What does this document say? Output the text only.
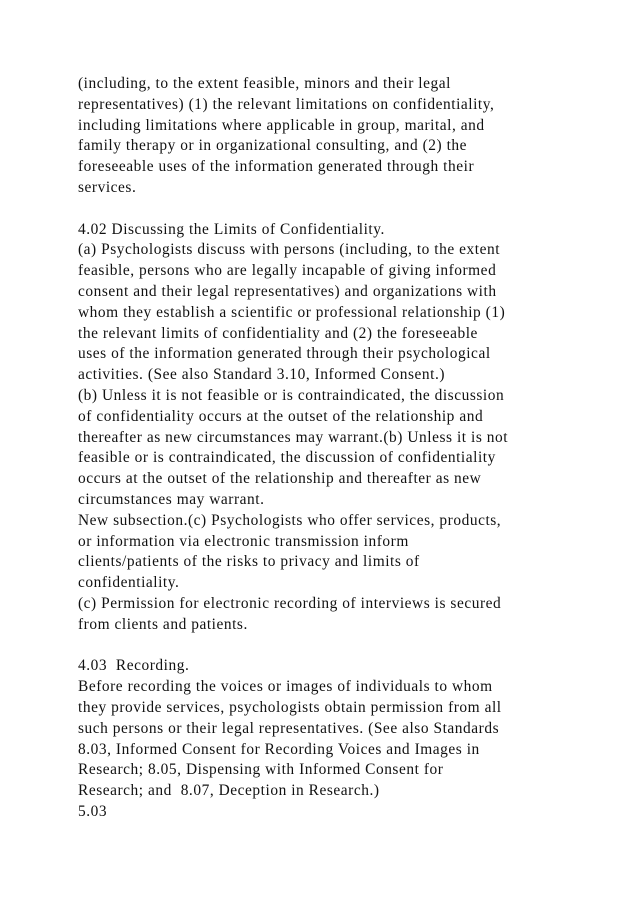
(including, to the extent feasible, minors and their legal
representatives) (1) the relevant limitations on confidentiality,
including limitations where applicable in group, marital, and
family therapy or in organizational consulting, and (2) the
foreseeable uses of the information generated through their
services.
4.02 Discussing the Limits of Confidentiality.
(a) Psychologists discuss with persons (including, to the extent
feasible, persons who are legally incapable of giving informed
consent and their legal representatives) and organizations with
whom they establish a scientific or professional relationship (1)
the relevant limits of confidentiality and (2) the foreseeable
uses of the information generated through their psychological
activities. (See also Standard 3.10, Informed Consent.)
(b) Unless it is not feasible or is contraindicated, the discussion
of confidentiality occurs at the outset of the relationship and
thereafter as new circumstances may warrant.(b) Unless it is not
feasible or is contraindicated, the discussion of confidentiality
occurs at the outset of the relationship and thereafter as new
circumstances may warrant.
New subsection.(c) Psychologists who offer services, products,
or information via electronic transmission inform
clients/patients of the risks to privacy and limits of
confidentiality.
(c) Permission for electronic recording of interviews is secured
from clients and patients.
4.03  Recording.
Before recording the voices or images of individuals to whom
they provide services, psychologists obtain permission from all
such persons or their legal representatives. (See also Standards
8.03, Informed Consent for Recording Voices and Images in
Research; 8.05, Dispensing with Informed Consent for
Research; and  8.07, Deception in Research.)
5.03
